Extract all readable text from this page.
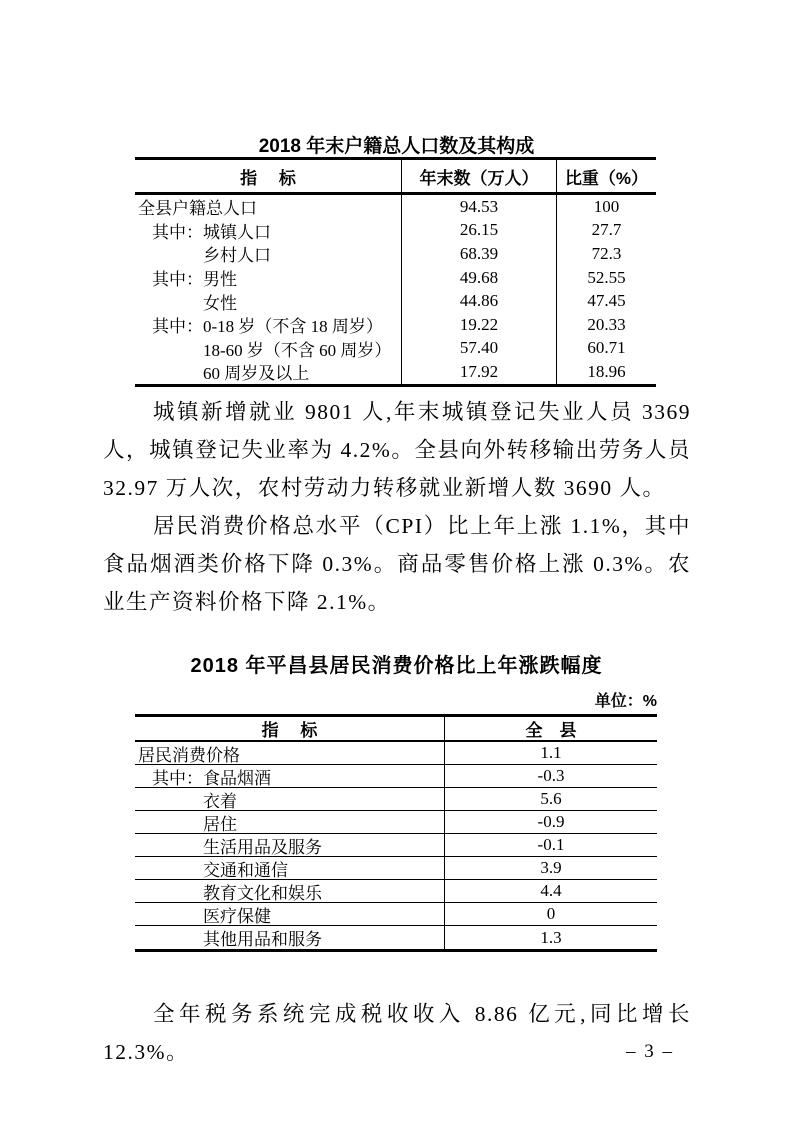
2018 年末户籍总人口数及其构成
指　 标	年末数（万人）	比重（%）
全县户籍总人口	94.53	100
其中： 城镇人口	26.15	27.7
乡村人口	68.39	72.3
其中： 男性	49.68	52.55
女性	44.86	47.45
其中： 0-18 岁（不含 18 周岁）	19.22	20.33
18-60 岁（不含 60 周岁）	57.40	60.71
60 周岁及以上	17.92	18.96
城镇新增就业 9801 人,年末城镇登记失业人员 3369 人，城镇登记失业率为 4.2%。全县向外转移输出劳务人员 32.97 万人次，农村劳动力转移就业新增人数 3690 人。
居民消费价格总水平（CPI）比上年上涨 1.1%，其中食品烟酒类价格下降 0.3%。商品零售价格上涨 0.3%。农业生产资料价格下降 2.1%。
2018 年平昌县居民消费价格比上年涨跌幅度
单位：%
指　 标	全　县
居民消费价格	1.1
其中： 食品烟酒	-0.3
衣着	5.6
居住	-0.9
生活用品及服务	-0.1
交通和通信	3.9
教育文化和娱乐	4.4
医疗保健	0
其他用品和服务	1.3
全年税务系统完成税收收入 8.86 亿元,同比增长 12.3%。	– 3 –
